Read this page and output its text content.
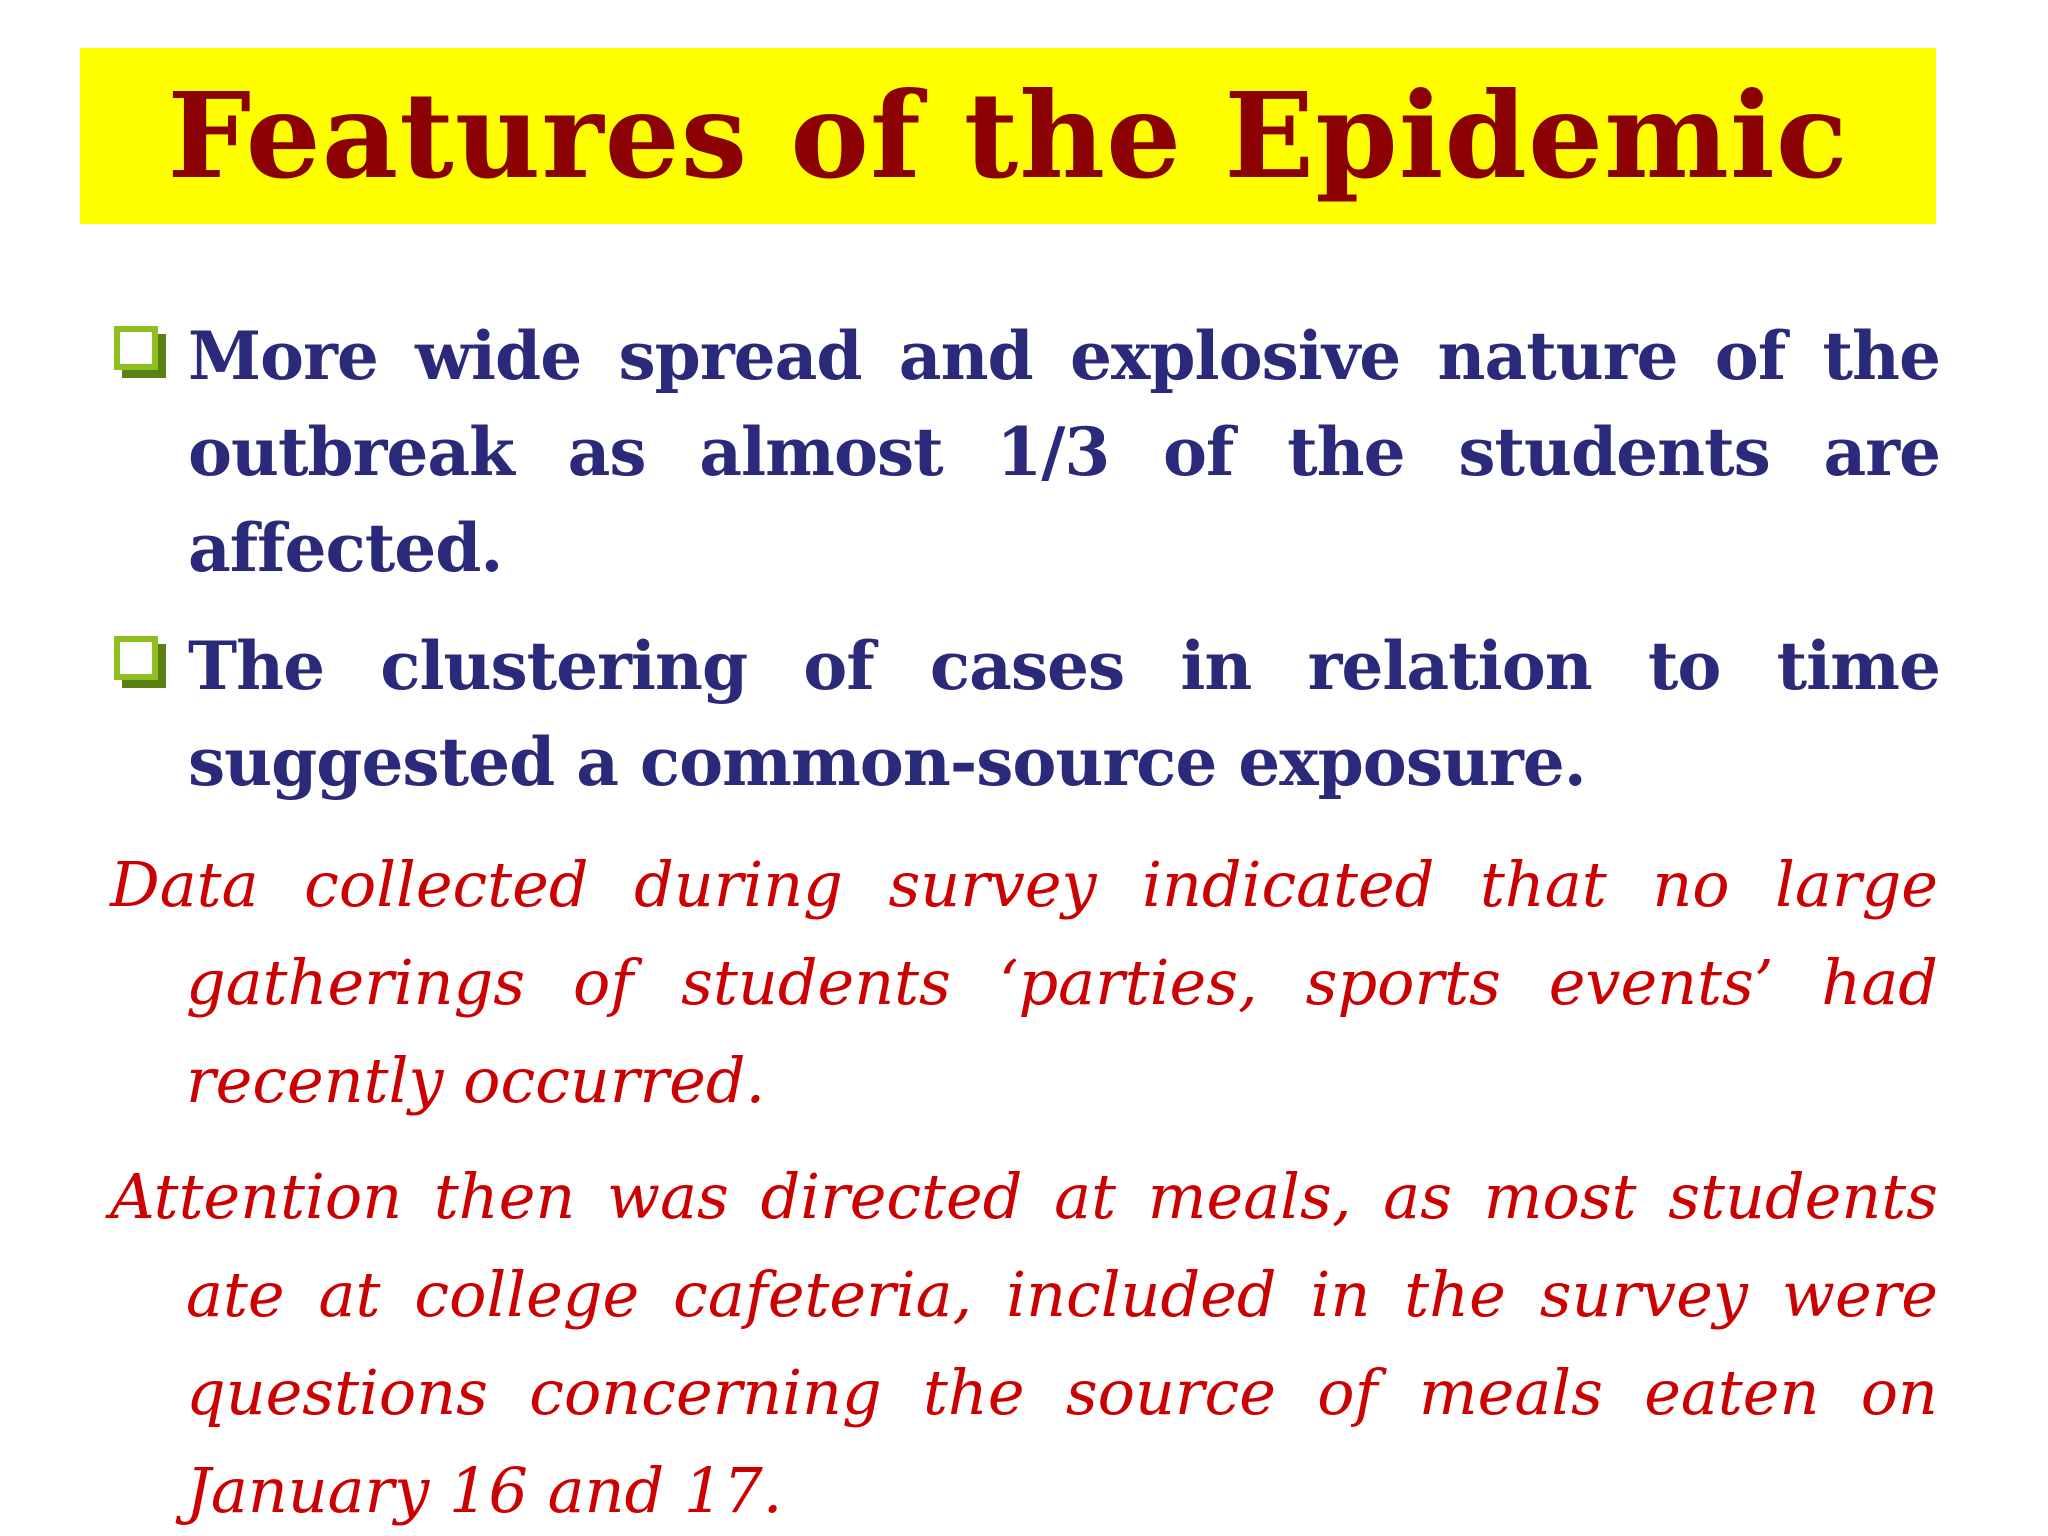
Features of the Epidemic
More wide spread and explosive nature of the outbreak as almost 1/3 of the students are affected.
The clustering of cases in relation to time suggested a common-source exposure.
Data collected during survey indicated that no large gatherings of students ‘parties, sports events’ had recently occurred.
Attention then was directed at meals, as most students ate at college cafeteria, included in the survey were questions concerning the source of meals eaten on January 16 and 17.
